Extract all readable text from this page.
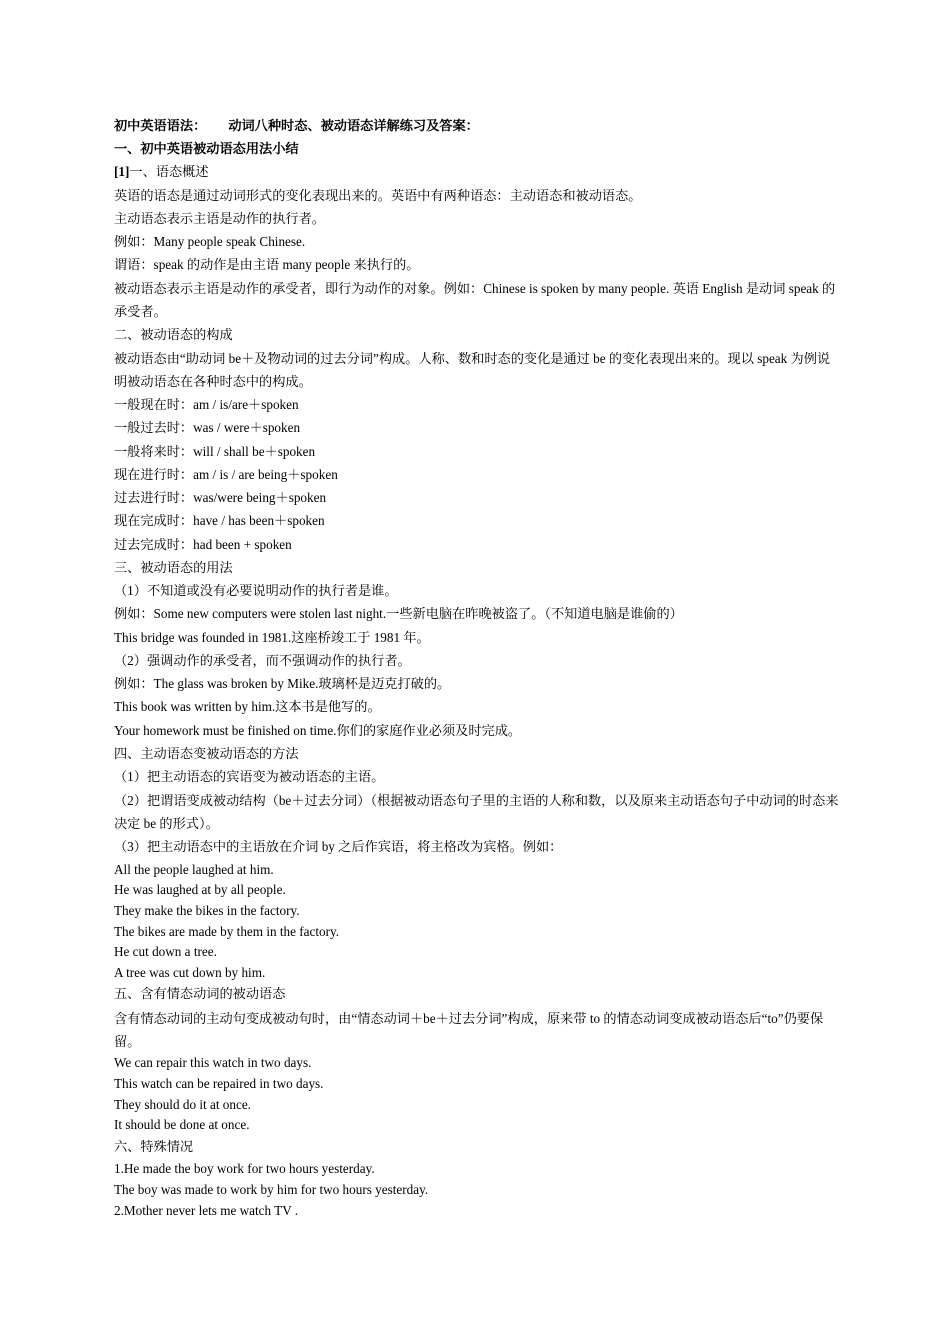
初中英语语法： 动词八种时态、被动语态详解练习及答案：
一、初中英语被动语态用法小结
[1]一、语态概述
英语的语态是通过动词形式的变化表现出来的。英语中有两种语态：主动语态和被动语态。
主动语态表示主语是动作的执行者。
例如：Many people speak Chinese.
谓语：speak 的动作是由主语 many people 来执行的。
被动语态表示主语是动作的承受者，即行为动作的对象。例如：Chinese is spoken by many people. 英语 English 是动词 speak 的承受者。
二、被动语态的构成
被动语态由“助动词 be＋及物动词的过去分词”构成。人称、数和时态的变化是通过 be 的变化表现出来的。现以 speak 为例说明被动语态在各种时态中的构成。
一般现在时：am / is/are＋spoken
一般过去时：was / were＋spoken
一般将来时：will / shall be＋spoken
现在进行时：am / is / are being＋spoken
过去进行时：was/were being＋spoken
现在完成时：have / has been＋spoken
过去完成时：had been + spoken
三、被动语态的用法
（1）不知道或没有必要说明动作的执行者是谁。
例如：Some new computers were stolen last night.一些新电脑在昨晚被盗了。（不知道电脑是谁偷的）
This bridge was founded in 1981.这座桥竣工于 1981 年。
（2）强调动作的承受者，而不强调动作的执行者。
例如：The glass was broken by Mike.玻璃杯是迈克打破的。
This book was written by him.这本书是他写的。
Your homework must be finished on time.你们的家庭作业必须及时完成。
四、主动语态变被动语态的方法
（1）把主动语态的宾语变为被动语态的主语。
（2）把谓语变成被动结构（be＋过去分词）（根据被动语态句子里的主语的人称和数，以及原来主动语态句子中动词的时态来决定 be 的形式）。
（3）把主动语态中的主语放在介词 by 之后作宾语，将主格改为宾格。例如：
All the people laughed at him.
He was laughed at by all people.
They make the bikes in the factory.
The bikes are made by them in the factory.
He cut down a tree.
A tree was cut down by him.
五、含有情态动词的被动语态
含有情态动词的主动句变成被动句时，由“情态动词＋be＋过去分词”构成，原来带 to 的情态动词变成被动语态后“to”仍要保留。
We can repair this watch in two days.
This watch can be repaired in two days.
They should do it at once.
It should be done at once.
六、特殊情况
1.He made the boy work for two hours yesterday.
The boy was made to work by him for two hours yesterday.
2.Mother never lets me watch TV .
